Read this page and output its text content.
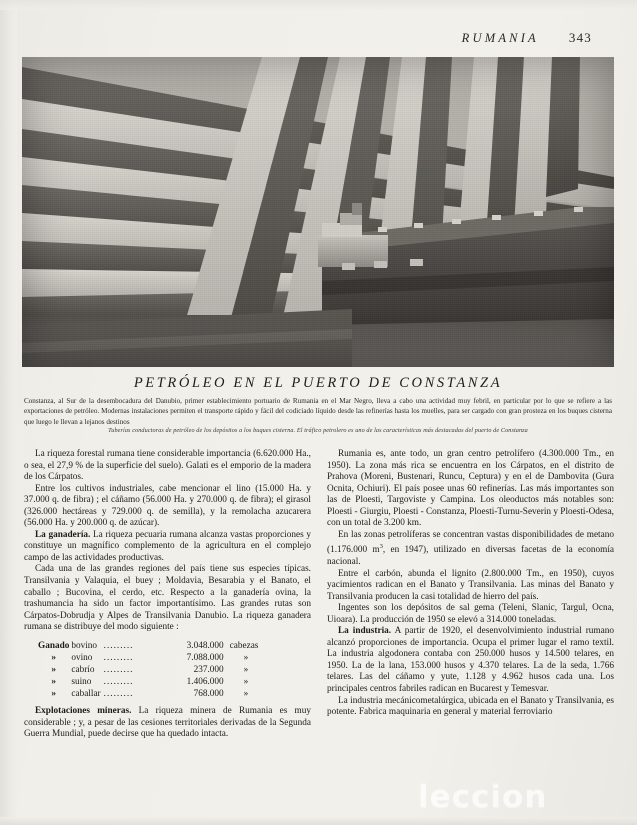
RUMANIA 343
PETRÓLEO EN EL PUERTO DE CONSTANZA
Constanza, al Sur de la desembocadura del Danubio, primer establecimiento portuario de Rumania en el Mar Negro, lleva a cabo una actividad muy febril, en particular por lo que se refiere a las exportaciones de petróleo. Modernas instalaciones permiten el transporte rápido y fácil del codiciado líquido desde las refinerías hasta los muelles, para ser cargado con gran prosteza en los buques cisterna que luego le llevan a lejanos destinos
Tuberías conductoras de petróleo de los depósitos a los buques cisterna. El tráfico petrolero es uno de las características más destacadas del puerto de Constanza

La riqueza forestal rumana tiene considerable importancia (6.620.000 Ha., o sea, el 27,9 % de la superficie del suelo). Galati es el emporio de la madera de los Cárpatos.

Entre los cultivos industriales, cabe mencionar el lino (15.000 Ha. y 37.000 q. de fibra) ; el cáñamo (56.000 Ha. y 270.000 q. de fibra); el girasol (326.000 hectáreas y 729.000 q. de semilla), y la remolacha azucarera (56.000 Ha. y 200.000 q. de azúcar).

La ganadería. La riqueza pecuaria rumana alcanza vastas proporciones y constituye un magnífico complemento de la agricultura en el complejo campo de las actividades productivas.

Cada una de las grandes regiones del país tiene sus especies típicas. Transilvania y Valaquia, el buey ; Moldavia, Besarabia y el Banato, el caballo ; Bucovina, el cerdo, etc. Respecto a la ganadería ovina, la trashumancia ha sido un factor importantísimo. Las grandes rutas son Cárpatos-Dobrudja y Alpes de Transilvania Danubio. La riqueza ganadera rumana se distribuye del modo siguiente :

Ganado	bovino	.........	3.048.000	cabezas
»	ovino	.........	7.088.000	»
»	cabrío	.........	237.000	»
»	suino	.........	1.406.000	»
»	caballar	.........	768.000	»

Explotaciones mineras. La riqueza minera de Rumania es muy considerable ; y, a pesar de las cesiones territoriales derivadas de la Segunda Guerra Mundial, puede decirse que ha quedado intacta.

Rumania es, ante todo, un gran centro petrolífero (4.300.000 Tm., en 1950). La zona más rica se encuentra en los Cárpatos, en el distrito de Prahova (Moreni, Bustenari, Runcu, Ceptura) y en el de Dambovita (Gura Ocnita, Ochiuri). El país posee unas 60 refinerías. Las más importantes son las de Ploesti, Targoviste y Campina. Los oleoductos más notables son: Ploesti - Giurgiu, Ploesti - Constanza, Ploesti-Turnu-Severin y Ploesti-Odesa, con un total de 3.200 km.

En las zonas petrolíferas se concentran vastas disponibilidades de metano (1.176.000 $m^3$, en 1947), utilizado en diversas facetas de la economía nacional.

Entre el carbón, abunda el lignito (2.800.000 Tm., en 1950), cuyos yacimientos radican en el Banato y Transilvania. Las minas del Banato y Transilvania producen la casi totalidad de hierro del país.

Ingentes son los depósitos de sal gema (Teleni, Slanic, Targul, Ocna, Uioara). La producción de 1950 se elevó a 314.000 toneladas.

La industria. A partir de 1920, el desenvolvimiento industrial rumano alcanzó proporciones de importancia. Ocupa el primer lugar el ramo textil. La industria algodonera contaba con 250.000 husos y 14.500 telares, en 1950. La de la lana, 153.000 husos y 4.370 telares. La de la seda, 1.766 telares. Las del cáñamo y yute, 1.128 y 4.962 husos cada una. Los principales centros fabriles radican en Bucarest y Temesvar.

La industria mecánicometalúrgica, ubicada en el Banato y Transilvania, es potente. Fabrica maquinaria en general y material ferroviario

leccion
